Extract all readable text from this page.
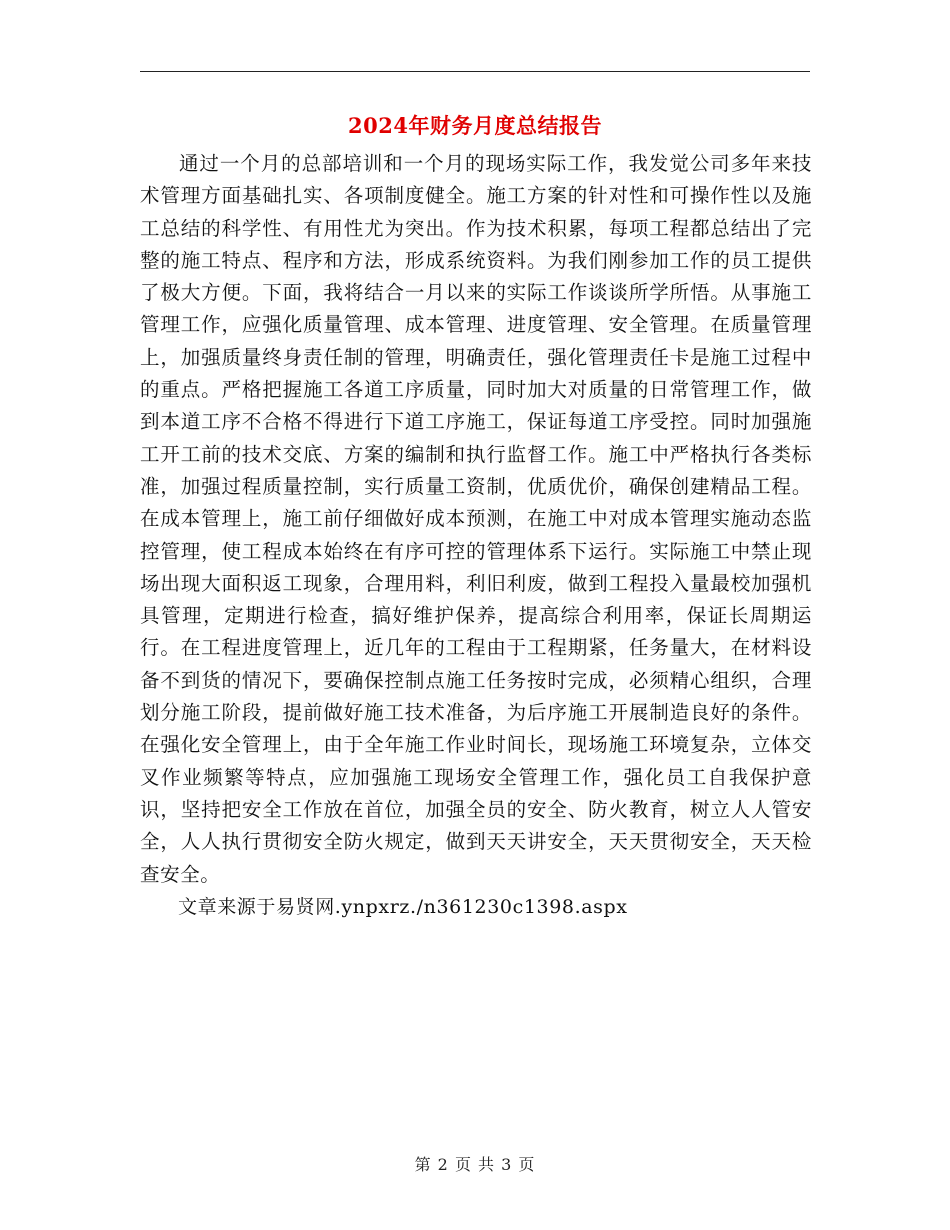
2024年财务月度总结报告

通过一个月的总部培训和一个月的现场实际工作，我发觉公司多年来技术管理方面基础扎实、各项制度健全。施工方案的针对性和可操作性以及施工总结的科学性、有用性尤为突出。作为技术积累，每项工程都总结出了完整的施工特点、程序和方法，形成系统资料。为我们刚参加工作的员工提供了极大方便。下面，我将结合一月以来的实际工作谈谈所学所悟。从事施工管理工作，应强化质量管理、成本管理、进度管理、安全管理。在质量管理上，加强质量终身责任制的管理，明确责任，强化管理责任卡是施工过程中的重点。严格把握施工各道工序质量，同时加大对质量的日常管理工作，做到本道工序不合格不得进行下道工序施工，保证每道工序受控。同时加强施工开工前的技术交底、方案的编制和执行监督工作。施工中严格执行各类标准，加强过程质量控制，实行质量工资制，优质优价，确保创建精品工程。在成本管理上，施工前仔细做好成本预测，在施工中对成本管理实施动态监控管理，使工程成本始终在有序可控的管理体系下运行。实际施工中禁止现场出现大面积返工现象，合理用料，利旧利废，做到工程投入量最校加强机具管理，定期进行检查，搞好维护保养，提高综合利用率，保证长周期运行。在工程进度管理上，近几年的工程由于工程期紧，任务量大，在材料设备不到货的情况下，要确保控制点施工任务按时完成，必须精心组织，合理划分施工阶段，提前做好施工技术准备，为后序施工开展制造良好的条件。在强化安全管理上，由于全年施工作业时间长，现场施工环境复杂，立体交叉作业频繁等特点，应加强施工现场安全管理工作，强化员工自我保护意识，坚持把安全工作放在首位，加强全员的安全、防火教育，树立人人管安全，人人执行贯彻安全防火规定，做到天天讲安全，天天贯彻安全，天天检查安全。

文章来源于易贤网.ynpxrz./n361230c1398.aspx

第 2 页 共 3 页
